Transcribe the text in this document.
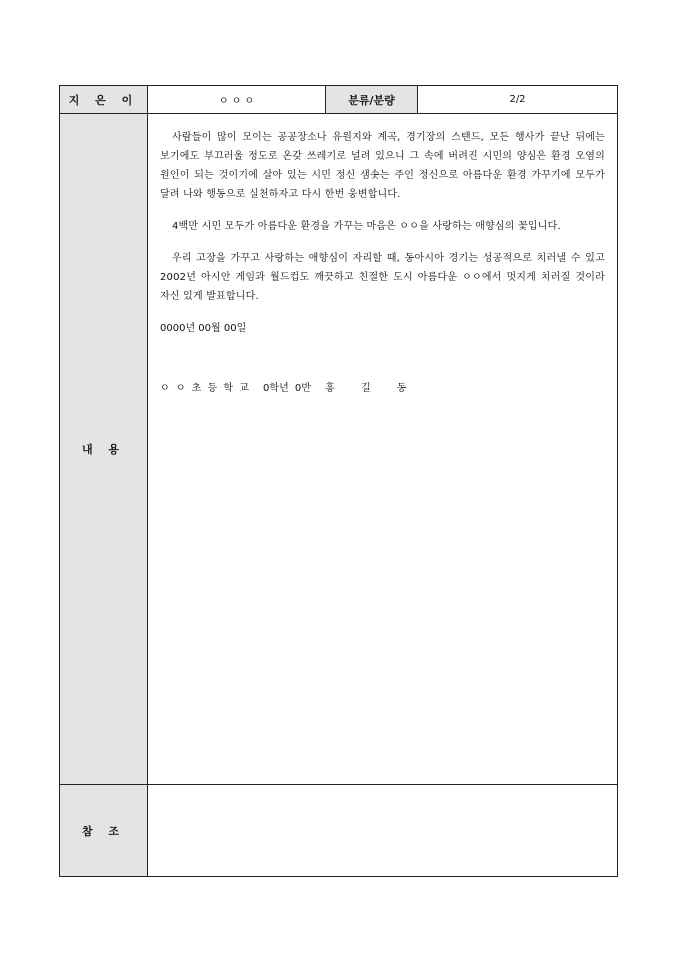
지 은 이	ㅇ ㅇ ㅇ	분류/분량	2/2
내 용	사람들이 많이 모이는 공공장소나 유원지와 계곡, 경기장의 스탠드, 모든 행사가 끝난 뒤에는 보기에도 부끄러울 정도로 온갖 쓰레기로 널려 있으니 그 속에 버려진 시민의 양심은 환경 오염의 원인이 되는 것이기에 살아 있는 시민 정신 샘솟는 주인 정신으로 아름다운 환경 가꾸기에 모두가 달려 나와 행동으로 실천하자고 다시 한번 웅변합니다.

4백만 시민 모두가 아름다운 환경을 가꾸는 마음은 ㅇㅇ을 사랑하는 애향심의 꽃입니다.

우리 고장을 가꾸고 사랑하는 애향심이 자리할 때, 동아시아 경기는 성공적으로 치러낼 수 있고 2002년 아시안 게임과 월드컵도 깨끗하고 친절한 도시 아름다운 ㅇㅇ에서 멋지게 치러질 것이라 자신 있게 발표합니다.

0000년 00월 00일

ㅇ ㅇ 초 등 학 교 0학년 0반 홍 길 동		

참 조			
